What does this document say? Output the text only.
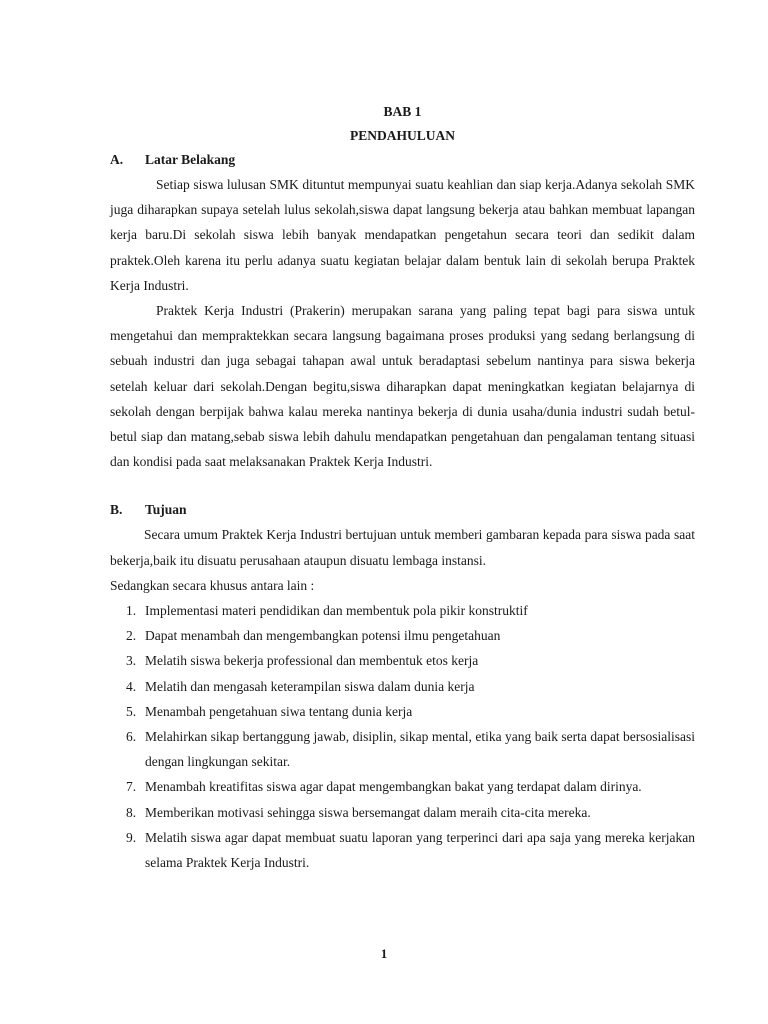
BAB 1
PENDAHULUAN
A.	Latar Belakang

Setiap siswa lulusan SMK dituntut mempunyai suatu keahlian dan siap kerja.Adanya sekolah SMK juga diharapkan supaya setelah lulus sekolah,siswa dapat langsung bekerja atau bahkan membuat lapangan kerja baru.Di sekolah siswa lebih banyak mendapatkan pengetahun secara teori dan sedikit dalam praktek.Oleh karena itu perlu adanya suatu kegiatan belajar dalam bentuk lain di sekolah berupa Praktek Kerja Industri.

Praktek Kerja Industri (Prakerin) merupakan sarana yang paling tepat bagi para siswa untuk mengetahui dan mempraktekkan secara langsung bagaimana proses produksi yang sedang berlangsung di sebuah industri dan juga sebagai tahapan awal untuk beradaptasi sebelum nantinya para siswa bekerja setelah keluar dari sekolah.Dengan begitu,siswa diharapkan dapat meningkatkan kegiatan belajarnya di sekolah dengan berpijak bahwa kalau mereka nantinya bekerja di dunia usaha/dunia industri sudah betul-betul siap dan matang,sebab siswa lebih dahulu mendapatkan pengetahuan dan pengalaman tentang situasi dan kondisi pada saat melaksanakan Praktek Kerja Industri.

B.	Tujuan

Secara umum Praktek Kerja Industri bertujuan untuk memberi gambaran kepada para siswa pada saat bekerja,baik itu disuatu perusahaan ataupun disuatu lembaga instansi.

Sedangkan secara khusus antara lain :

1. Implementasi materi pendidikan dan membentuk pola pikir konstruktif
2. Dapat menambah dan mengembangkan potensi ilmu pengetahuan
3. Melatih siswa bekerja professional dan membentuk etos kerja
4. Melatih dan mengasah keterampilan siswa dalam dunia kerja
5. Menambah pengetahuan siwa tentang dunia kerja
6. Melahirkan sikap bertanggung jawab, disiplin, sikap mental, etika yang baik serta dapat bersosialisasi dengan lingkungan sekitar.
7. Menambah kreatifitas siswa agar dapat mengembangkan bakat yang terdapat dalam dirinya.
8. Memberikan motivasi sehingga siswa bersemangat dalam meraih cita-cita mereka.
9. Melatih siswa agar dapat membuat suatu laporan yang terperinci dari apa saja yang mereka kerjakan selama Praktek Kerja Industri.
1
